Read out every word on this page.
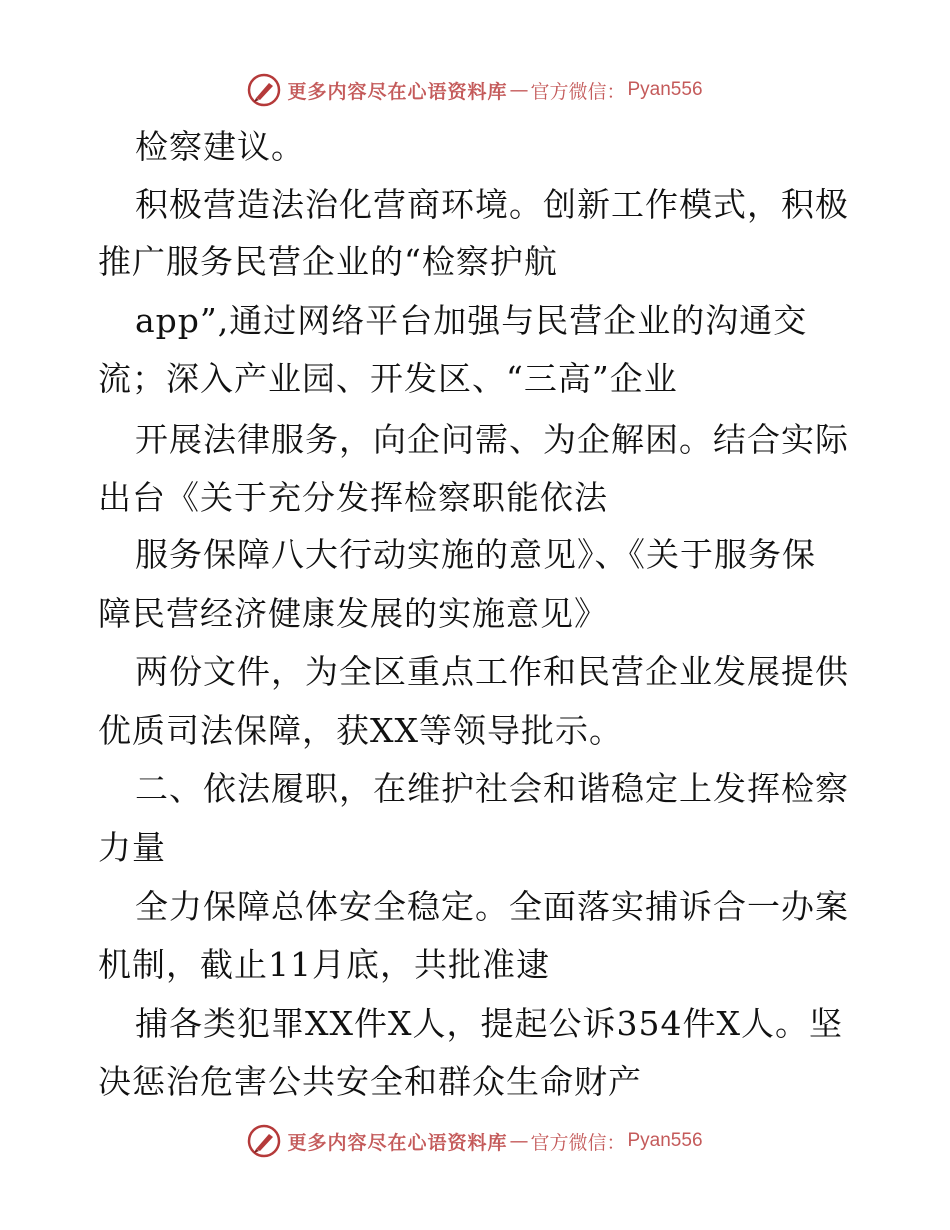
更多内容尽在心语资料库 — 官方微信： Pyan556
检察建议。
积极营造法治化营商环境。创新工作模式，积极
推广服务民营企业的“检察护航
app”,通过网络平台加强与民营企业的沟通交
流；深入产业园、开发区、“三高”企业
开展法律服务，向企问需、为企解困。结合实际
出台《关于充分发挥检察职能依法
服务保障八大行动实施的意见》、《关于服务保
障民营经济健康发展的实施意见》
两份文件，为全区重点工作和民营企业发展提供
优质司法保障，获XX等领导批示。
二、依法履职，在维护社会和谐稳定上发挥检察
力量
全力保障总体安全稳定。全面落实捕诉合一办案
机制，截止11月底，共批准逮
捕各类犯罪XX件X人，提起公诉354件X人。坚
决惩治危害公共安全和群众生命财产
更多内容尽在心语资料库 — 官方微信： Pyan556
